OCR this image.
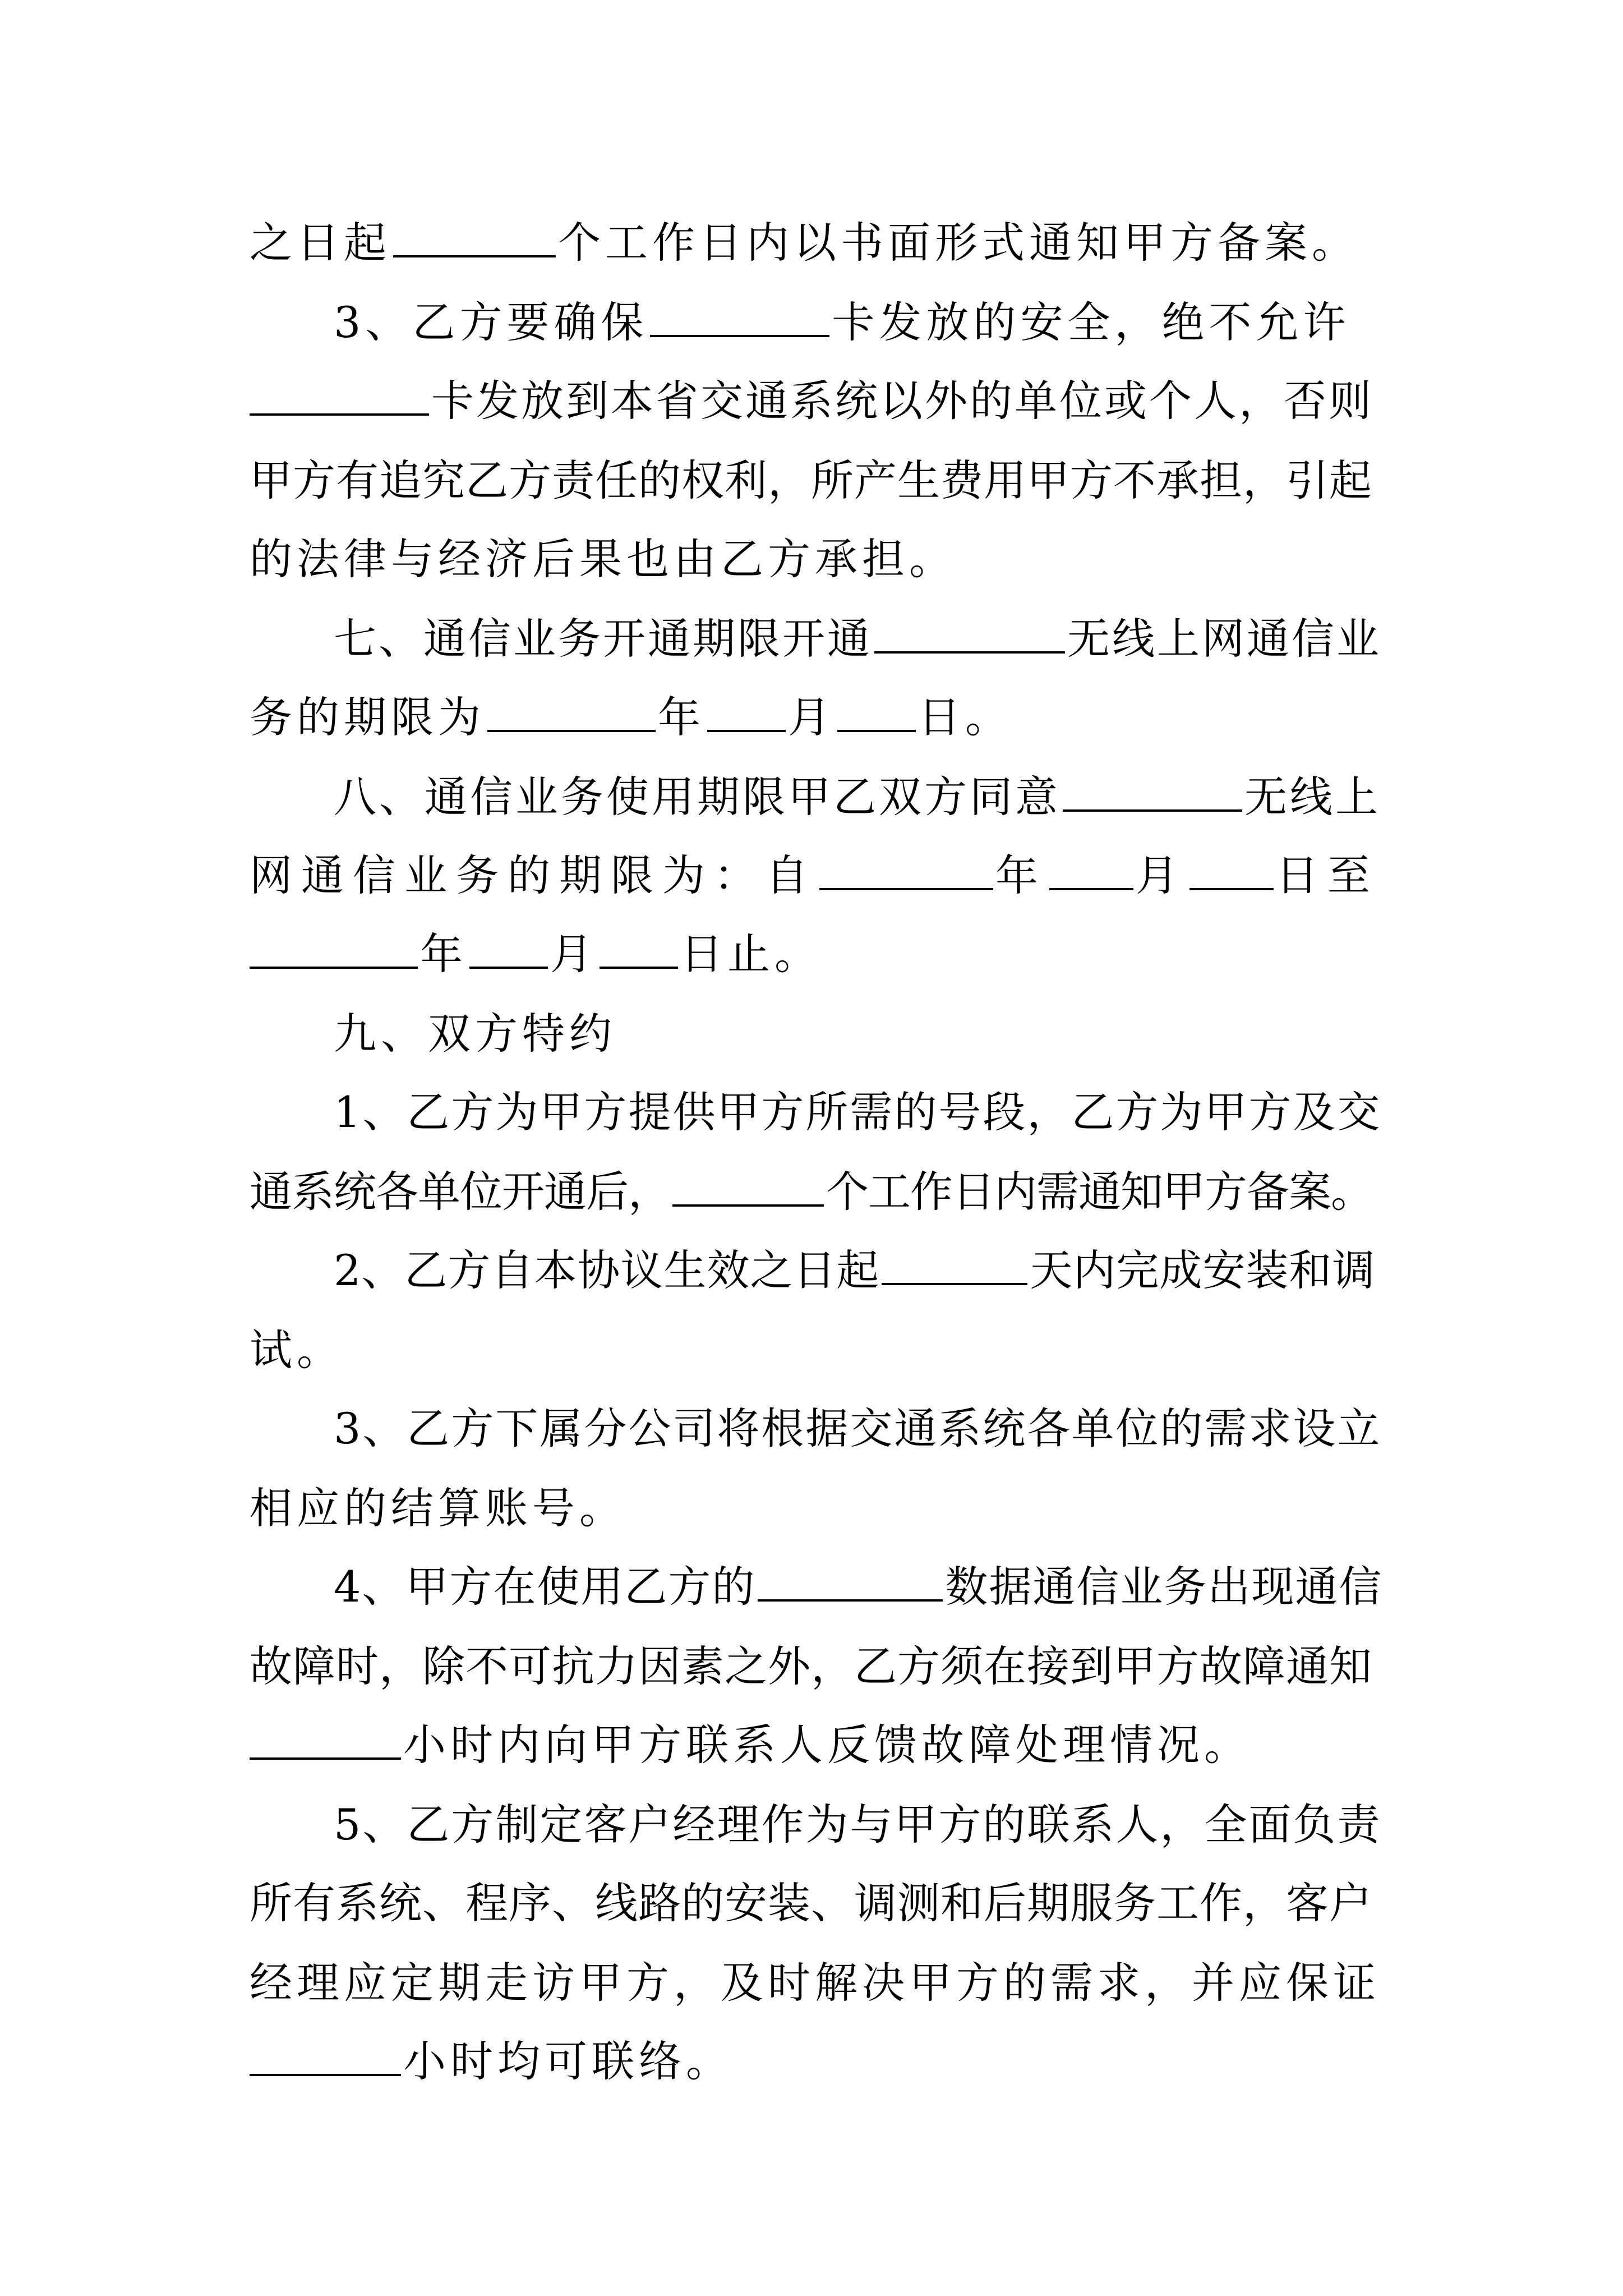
之日起	个工作日内以书面形式通知甲方备案。
3、乙方要确保	卡发放的安全，绝不允许
卡发放到本省交通系统以外的单位或个人，否则
甲方有追究乙方责任的权利，所产生费用甲方不承担，引起
的法律与经济后果也由乙方承担。
七、通信业务开通期限开通	无线上网通信业
务的期限为	年 月 日。
八、通信业务使用期限甲乙双方同意	无线上
网通信业务的期限为：自	年 月 日至
年 月 日止。
九、双方特约
1、乙方为甲方提供甲方所需的号段，乙方为甲方及交
通系统各单位开通后，	个工作日内需通知甲方备案。
2、乙方自本协议生效之日起	天内完成安装和调
试。
3、乙方下属分公司将根据交通系统各单位的需求设立
相应的结算账号。
4、甲方在使用乙方的	数据通信业务出现通信
故障时，除不可抗力因素之外，乙方须在接到甲方故障通知
小时内向甲方联系人反馈故障处理情况。
5、乙方制定客户经理作为与甲方的联系人，全面负责
所有系统、程序、线路的安装、调测和后期服务工作，客户
经理应定期走访甲方，及时解决甲方的需求，并应保证
小时均可联络。
